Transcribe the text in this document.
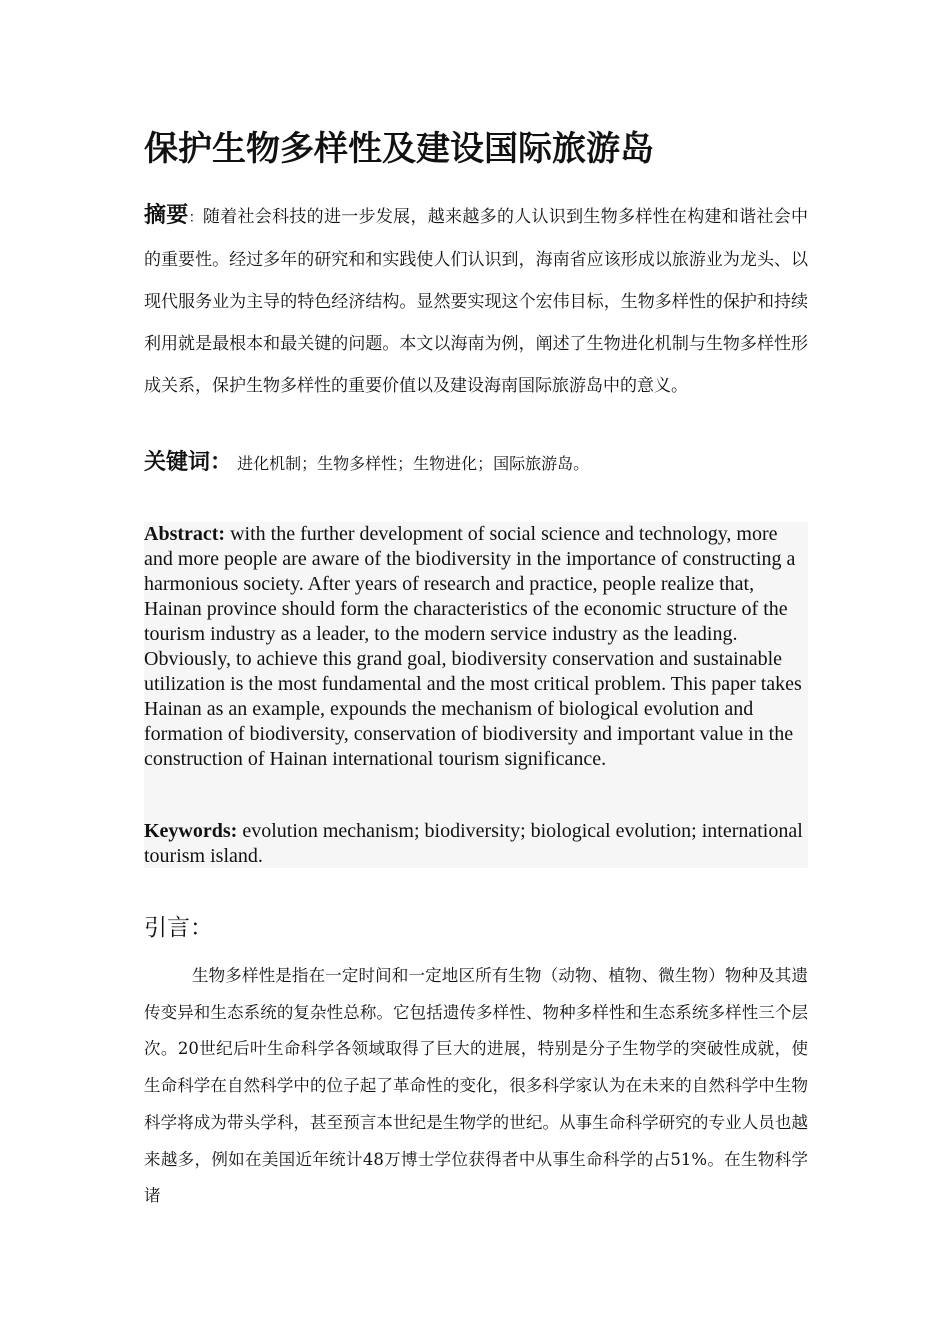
保护生物多样性及建设国际旅游岛
摘要：随着社会科技的进一步发展，越来越多的人认识到生物多样性在构建和谐社会中的重要性。经过多年的研究和和实践使人们认识到，海南省应该形成以旅游业为龙头、以现代服务业为主导的特色经济结构。显然要实现这个宏伟目标，生物多样性的保护和持续利用就是最根本和最关键的问题。本文以海南为例，阐述了生物进化机制与生物多样性形成关系，保护生物多样性的重要价值以及建设海南国际旅游岛中的意义。
关键词： 进化机制；生物多样性；生物进化；国际旅游岛。
Abstract: with the further development of social science and technology, more and more people are aware of the biodiversity in the importance of constructing a harmonious society. After years of research and practice, people realize that, Hainan province should form the characteristics of the economic structure of the tourism industry as a leader, to the modern service industry as the leading. Obviously, to achieve this grand goal, biodiversity conservation and sustainable utilization is the most fundamental and the most critical problem. This paper takes Hainan as an example, expounds the mechanism of biological evolution and formation of biodiversity, conservation of biodiversity and important value in the construction of Hainan international tourism significance.
Keywords: evolution mechanism; biodiversity; biological evolution; international tourism island.
引言：
生物多样性是指在一定时间和一定地区所有生物（动物、植物、微生物）物种及其遗传变异和生态系统的复杂性总称。它包括遗传多样性、物种多样性和生态系统多样性三个层次。20世纪后叶生命科学各领域取得了巨大的进展，特别是分子生物学的突破性成就，使生命科学在自然科学中的位子起了革命性的变化，很多科学家认为在未来的自然科学中生物科学将成为带头学科，甚至预言本世纪是生物学的世纪。从事生命科学研究的专业人员也越来越多，例如在美国近年统计48万博士学位获得者中从事生命科学的占51%。在生物科学诸
